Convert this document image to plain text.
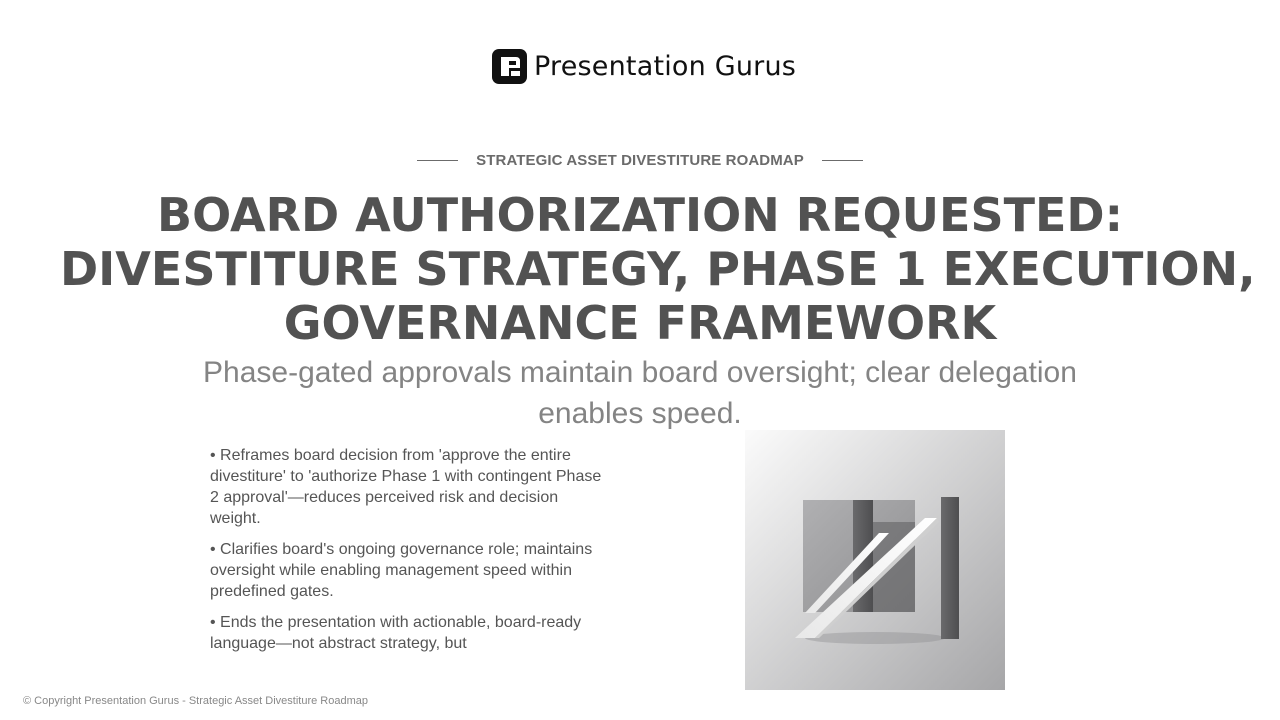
Presentation Gurus
STRATEGIC ASSET DIVESTITURE ROADMAP
BOARD AUTHORIZATION REQUESTED:
DIVESTITURE STRATEGY, PHASE 1 EXECUTION,
GOVERNANCE FRAMEWORK
Phase-gated approvals maintain board oversight; clear delegation enables speed.

• Reframes board decision from 'approve the entire divestiture' to 'authorize Phase 1 with contingent Phase 2 approval'—reduces perceived risk and decision weight.

• Clarifies board's ongoing governance role; maintains oversight while enabling management speed within predefined gates.

• Ends the presentation with actionable, board-ready language—not abstract strategy, but

© Copyright Presentation Gurus - Strategic Asset Divestiture Roadmap
